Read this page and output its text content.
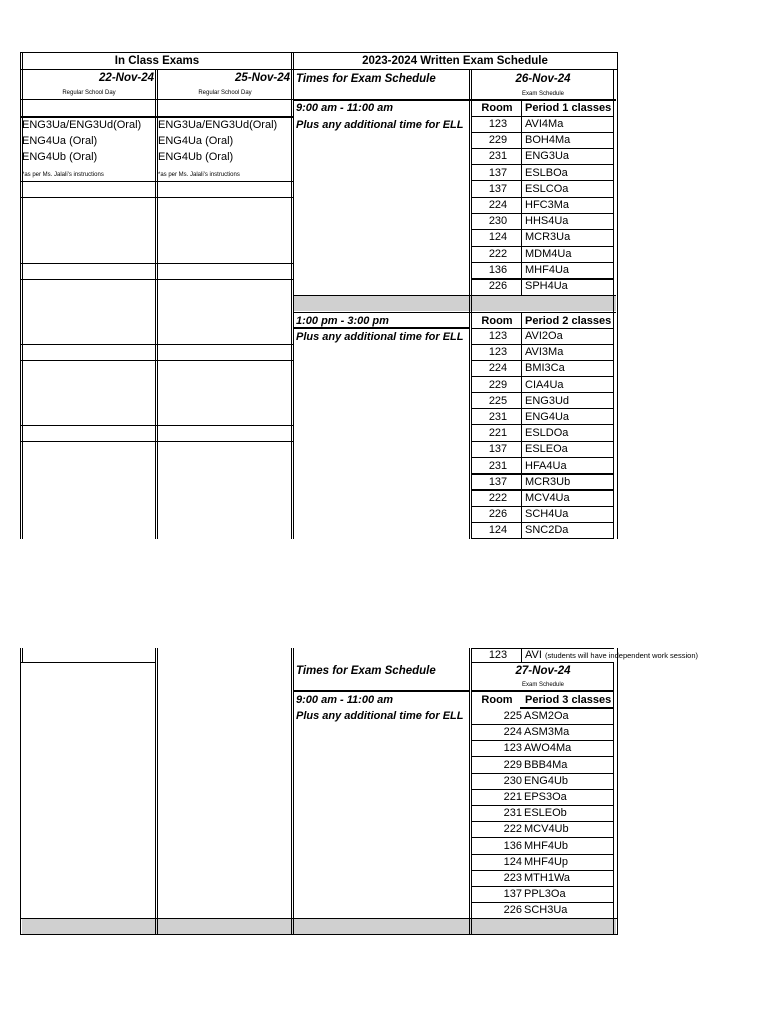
In Class Exams	2023-2024 Written Exam Schedule
22-Nov-24
Regular School Day
ENG3Ua/ENG3Ud(Oral)
ENG4Ua (Oral)
ENG4Ub (Oral)
*as per Ms. Jalali's instructions
25-Nov-24
Regular School Day
ENG3Ua/ENG3Ud(Oral)
ENG4Ua (Oral)
ENG4Ub (Oral)
*as per Ms. Jalali's instructions
Times for Exam Schedule
9:00 am - 11:00 am
Plus any additional time for ELL
26-Nov-24
Exam Schedule
Room	Period 1 classes
123	AVI4Ma
229	BOH4Ma
231	ENG3Ua
137	ESLBOa
137	ESLCOa
224	HFC3Ma
230	HHS4Ua
124	MCR3Ua
222	MDM4Ua
136	MHF4Ua
226	SPH4Ua
1:00 pm - 3:00 pm
Plus any additional time for ELL
Room	Period 2 classes
123	AVI2Oa
123	AVI3Ma
224	BMI3Ca
229	CIA4Ua
225	ENG3Ud
231	ENG4Ua
221	ESLDOa
137	ESLEOa
231	HFA4Ua
137	MCR3Ub
222	MCV4Ua
226	SCH4Ua
124	SNC2Da
123	AVI (students will have independent work session)
Times for Exam Schedule	27-Nov-24
Exam Schedule
9:00 am - 11:00 am
Plus any additional time for ELL
Room	Period 3 classes
225 ASM2Oa
224 ASM3Ma
123 AWO4Ma
229 BBB4Ma
230 ENG4Ub
221 EPS3Oa
231 ESLEOb
222 MCV4Ub
136 MHF4Ub
124 MHF4Up
223 MTH1Wa
137 PPL3Oa
226 SCH3Ua
